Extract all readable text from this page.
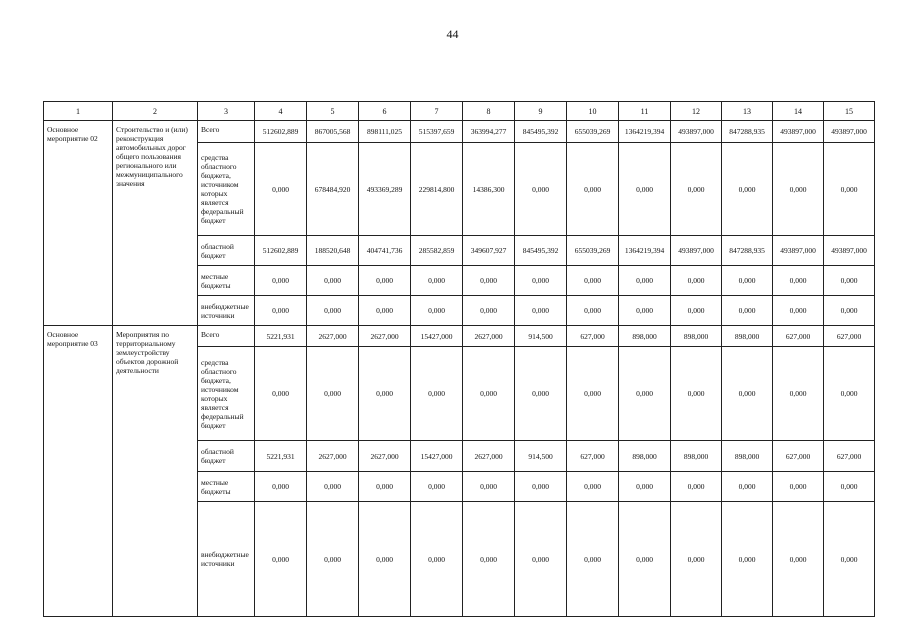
44
1	2	3	4	5	6	7	8	9	10	11	12	13	14	15
Основное мероприятие 02	Строительство и (или) реконструкция автомобильных дорог общего пользования регионального или межмуниципального значения	Всего	512602,889	867005,568	898111,025	515397,659	363994,277	845495,392	655039,269	1364219,394	493897,000	847288,935	493897,000	493897,000
		средства областного бюджета, источником которых является федеральный бюджет	0,000	678484,920	493369,289	229814,800	14386,300	0,000	0,000	0,000	0,000	0,000	0,000	0,000
		областной бюджет	512602,889	188520,648	404741,736	285582,859	349607,927	845495,392	655039,269	1364219,394	493897,000	847288,935	493897,000	493897,000
		местные бюджеты	0,000	0,000	0,000	0,000	0,000	0,000	0,000	0,000	0,000	0,000	0,000	0,000
		внебюджетные источники	0,000	0,000	0,000	0,000	0,000	0,000	0,000	0,000	0,000	0,000	0,000	0,000
Основное мероприятие 03	Мероприятия по территориальному землеустройству объектов дорожной деятельности	Всего	5221,931	2627,000	2627,000	15427,000	2627,000	914,500	627,000	898,000	898,000	898,000	627,000	627,000
		средства областного бюджета, источником которых является федеральный бюджет	0,000	0,000	0,000	0,000	0,000	0,000	0,000	0,000	0,000	0,000	0,000	0,000
		областной бюджет	5221,931	2627,000	2627,000	15427,000	2627,000	914,500	627,000	898,000	898,000	898,000	627,000	627,000
		местные бюджеты	0,000	0,000	0,000	0,000	0,000	0,000	0,000	0,000	0,000	0,000	0,000	0,000
		внебюджетные источники	0,000	0,000	0,000	0,000	0,000	0,000	0,000	0,000	0,000	0,000	0,000	0,000
